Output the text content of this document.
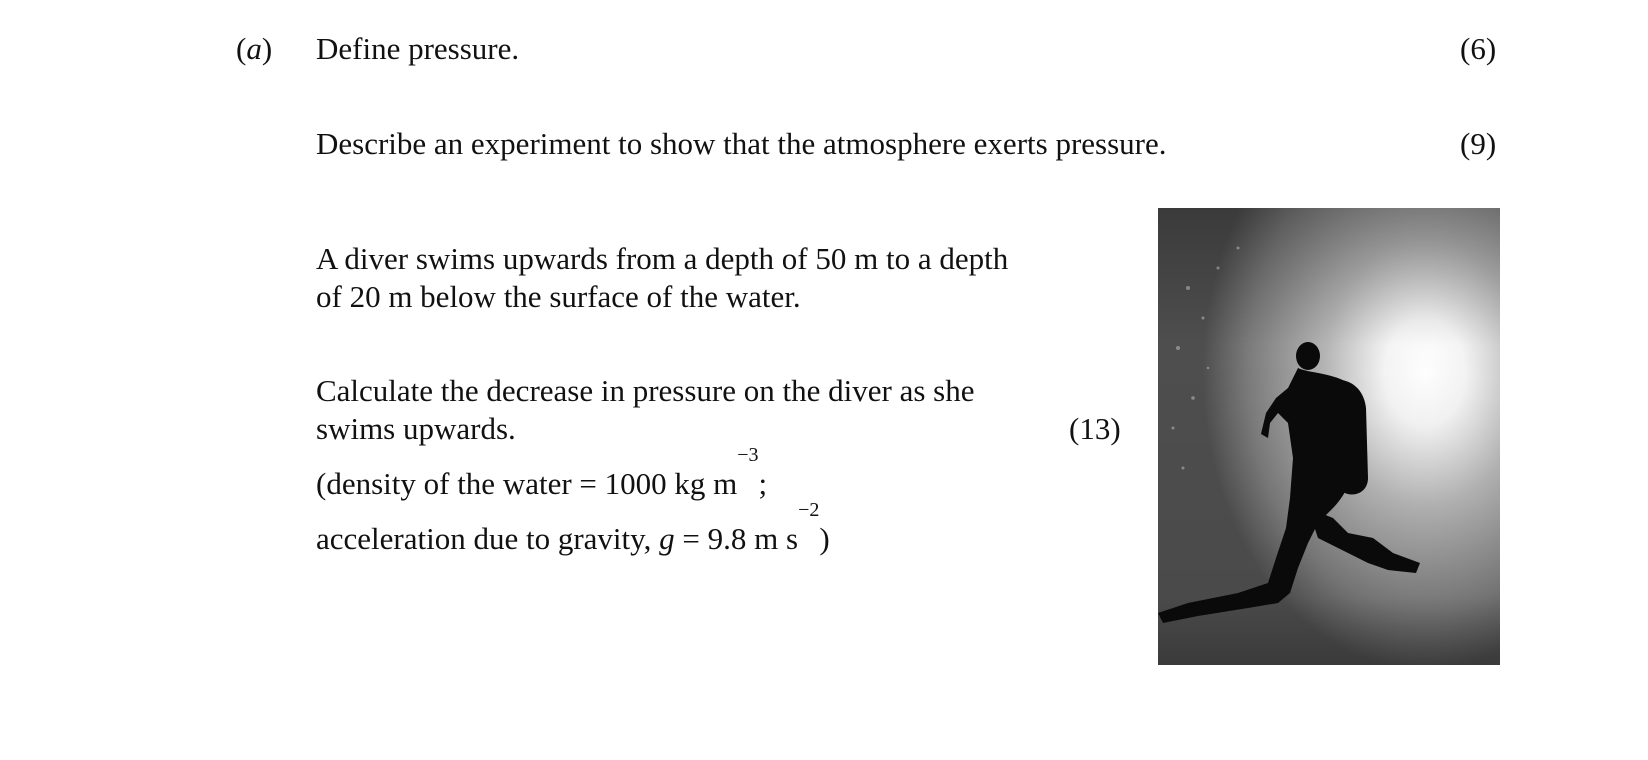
(a) Define pressure.	(6)
Describe an experiment to show that the atmosphere exerts pressure.	(9)
A diver swims upwards from a depth of 50 m to a depth
of 20 m below the surface of the water.
Calculate the decrease in pressure on the diver as she
swims upwards.	(13)
(density of the water = 1000 kg $m^{-3}$;
acceleration due to gravity, g = 9.8 m $s^{-2}$)
